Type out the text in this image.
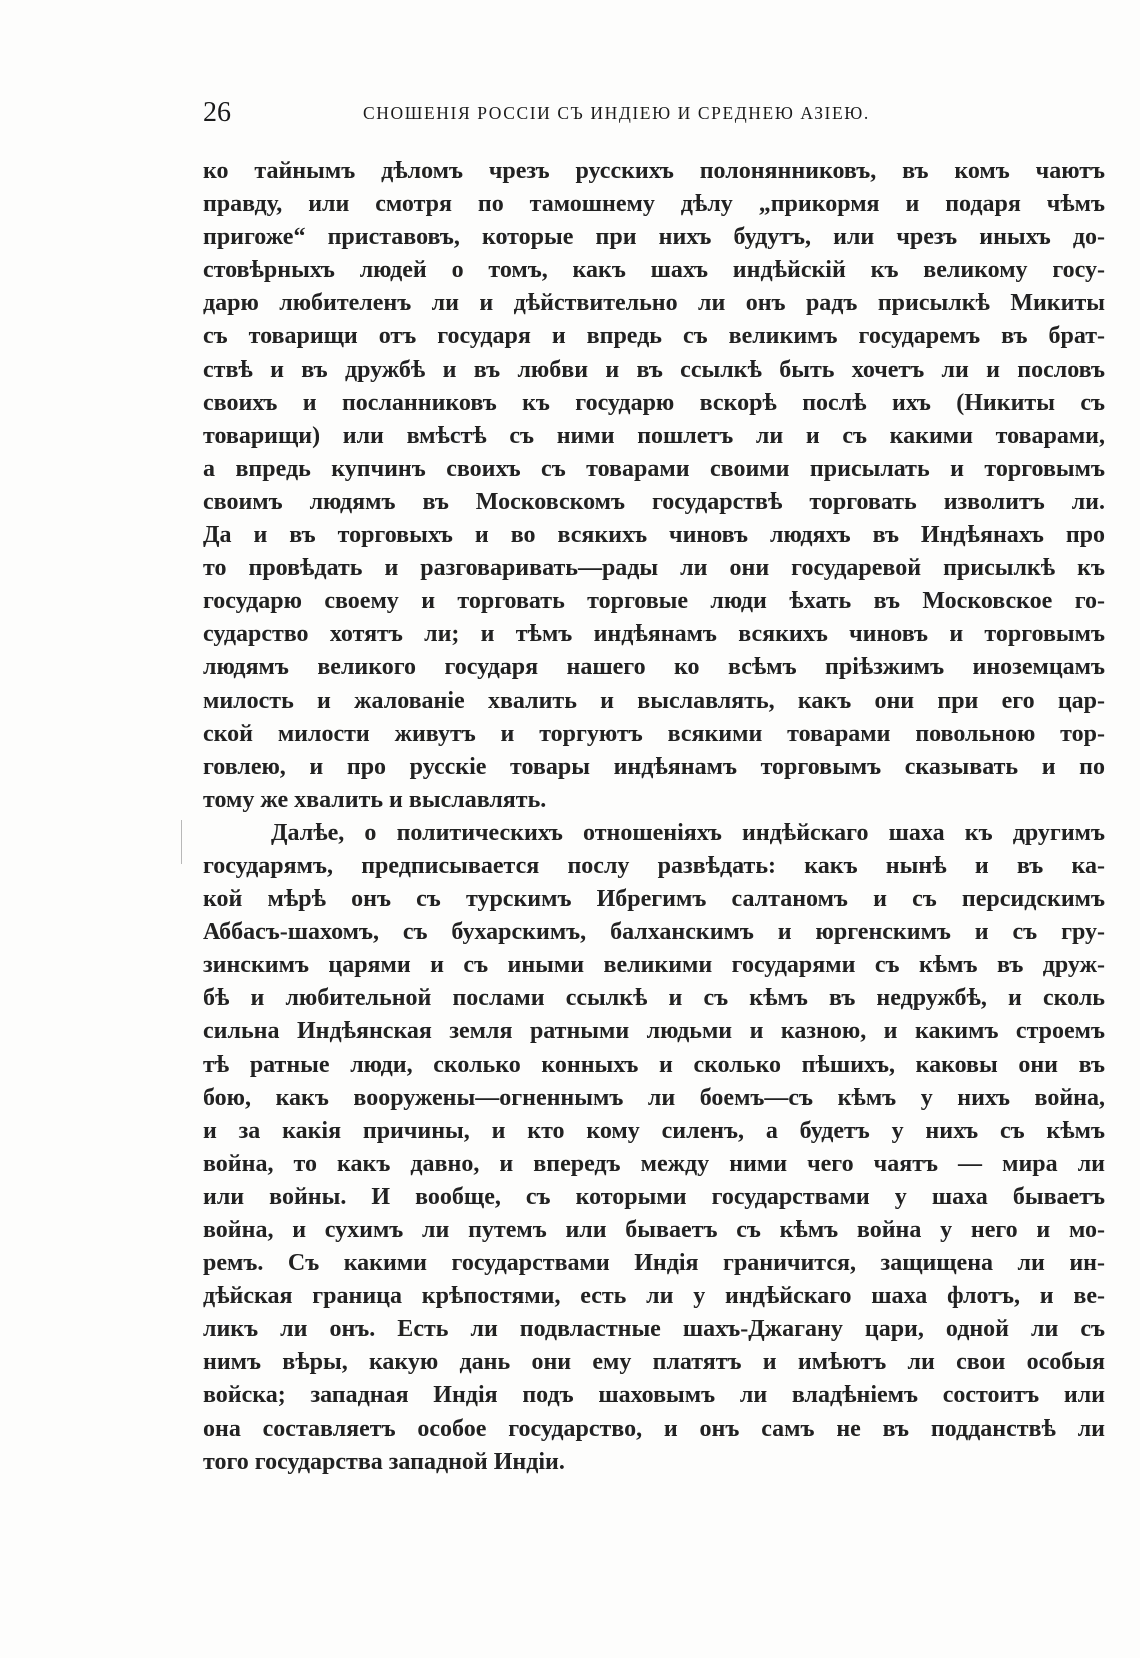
26	СНОШЕНІЯ РОССІИ СЪ ИНДІЕЮ И СРЕДНЕЮ АЗІЕЮ.
ко тайнымъ дѣломъ чрезъ русскихъ полонянниковъ, въ комъ чаютъ
правду, или смотря по тамошнему дѣлу „прикормя и подаря чѣмъ
пригоже“ приставовъ, которые при нихъ будутъ, или чрезъ иныхъ до-
стовѣрныхъ людей о томъ, какъ шахъ индѣйскій къ великому госу-
дарю любителенъ ли и дѣйствительно ли онъ радъ присылкѣ Микиты
съ товарищи отъ государя и впредь съ великимъ государемъ въ брат-
ствѣ и въ дружбѣ и въ любви и въ ссылкѣ быть хочетъ ли и пословъ
своихъ и посланниковъ къ государю вскорѣ послѣ ихъ (Никиты съ
товарищи) или вмѣстѣ съ ними пошлетъ ли и съ какими товарами,
а впредь купчинъ своихъ съ товарами своими присылать и торговымъ
своимъ людямъ въ Московскомъ государствѣ торговать изволитъ ли.
Да и въ торговыхъ и во всякихъ чиновъ людяхъ въ Индѣянахъ про
то провѣдать и разговаривать—рады ли они государевой присылкѣ къ
государю своему и торговать торговые люди ѣхать въ Московское го-
сударство хотятъ ли; и тѣмъ индѣянамъ всякихъ чиновъ и торговымъ
людямъ великого государя нашего ко всѣмъ пріѣзжимъ иноземцамъ
милость и жалованіе хвалить и выславлять, какъ они при его цар-
ской милости живутъ и торгуютъ всякими товарами повольною тор-
говлею, и про русскіе товары индѣянамъ торговымъ сказывать и по
тому же хвалить и выславлять.
Далѣе, о политическихъ отношеніяхъ индѣйскаго шаха къ другимъ
государямъ, предписывается послу развѣдать: какъ нынѣ и въ ка-
кой мѣрѣ онъ съ турскимъ Ибрегимъ салтаномъ и съ персидскимъ
Аббасъ-шахомъ, съ бухарскимъ, балханскимъ и юргенскимъ и съ гру-
зинскимъ царями и съ иными великими государями съ кѣмъ въ друж-
бѣ и любительной послами ссылкѣ и съ кѣмъ въ недружбѣ, и сколь
сильна Индѣянская земля ратными людьми и казною, и какимъ строемъ
тѣ ратные люди, сколько конныхъ и сколько пѣшихъ, каковы они въ
бою, какъ вооружены—огненнымъ ли боемъ—съ кѣмъ у нихъ война,
и за какія причины, и кто кому силенъ, а будетъ у нихъ съ кѣмъ
война, то какъ давно, и впередъ между ними чего чаятъ — мира ли
или войны. И вообще, съ которыми государствами у шаха бываетъ
война, и сухимъ ли путемъ или бываетъ съ кѣмъ война у него и мо-
ремъ. Съ какими государствами Индія граничится, защищена ли ин-
дѣйская граница крѣпостями, есть ли у индѣйскаго шаха флотъ, и ве-
ликъ ли онъ. Есть ли подвластные шахъ-Джагану цари, одной ли съ
нимъ вѣры, какую дань они ему платятъ и имѣютъ ли свои особыя
войска; западная Индія подъ шаховымъ ли владѣніемъ состоитъ или
она составляетъ особое государство, и онъ самъ не въ подданствѣ ли
того государства западной Индіи.
